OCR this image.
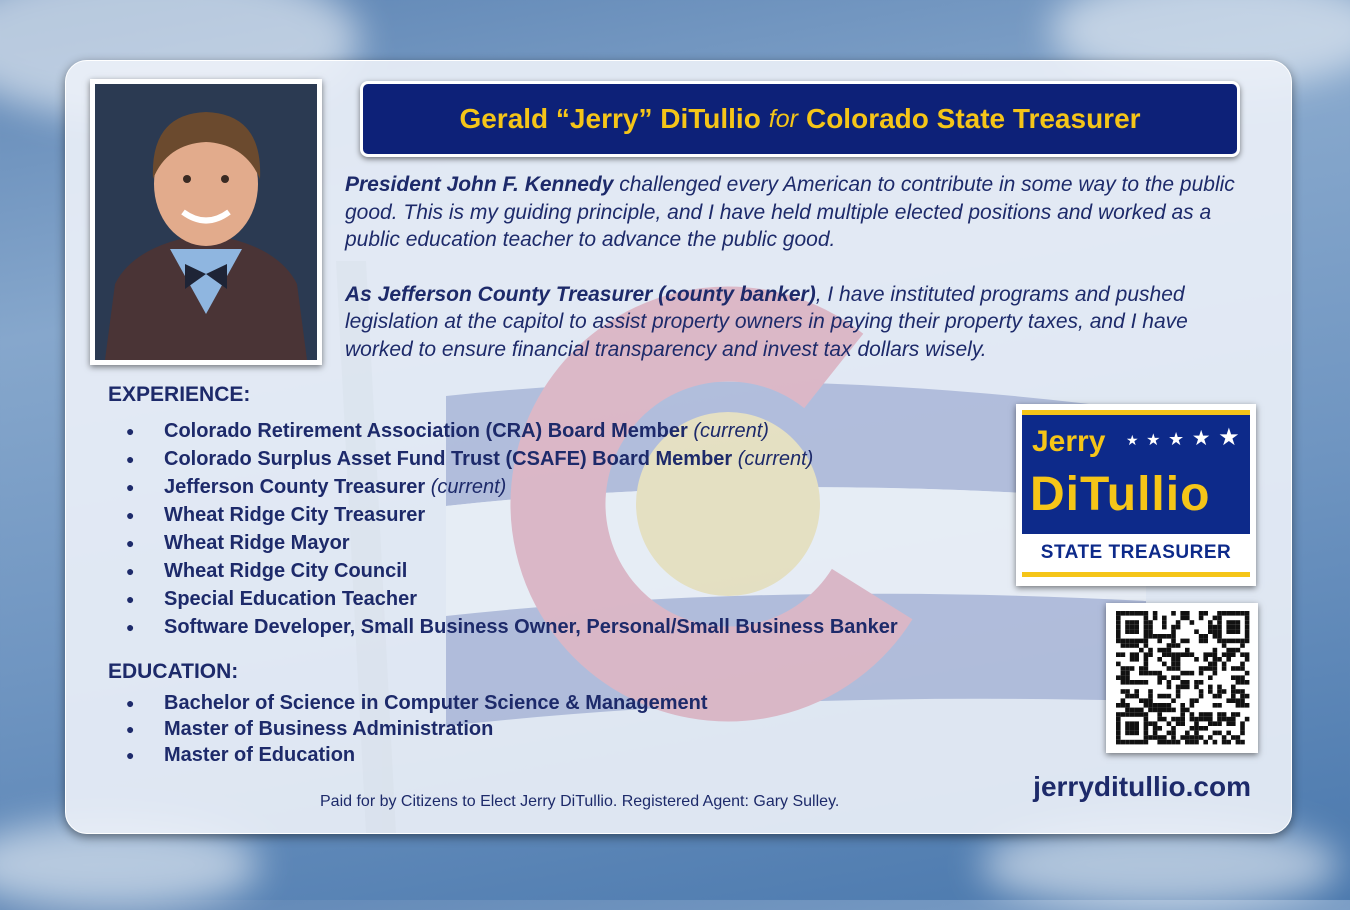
Gerald “Jerry” DiTullio for Colorado State Treasurer

President John F. Kennedy challenged every American to contribute in some way to the public good. This is my guiding principle, and I have held multiple elected positions and worked as a public education teacher to advance the public good.

As Jefferson County Treasurer (county banker), I have instituted programs and pushed legislation at the capitol to assist property owners in paying their property taxes, and I have worked to ensure financial transparency and invest tax dollars wisely.

EXPERIENCE:
● Colorado Retirement Association (CRA) Board Member (current)
● Colorado Surplus Asset Fund Trust (CSAFE) Board Member (current)
● Jefferson County Treasurer (current)
● Wheat Ridge City Treasurer
● Wheat Ridge Mayor
● Wheat Ridge City Council
● Special Education Teacher
● Software Developer, Small Business Owner, Personal/Small Business Banker
EDUCATION:
● Bachelor of Science in Computer Science & Management
● Master of Business Administration
● Master of Education
Jerry ★ ★ ★ ★ ★
DiTullio
STATE TREASURER
jerryditullio.com
Paid for by Citizens to Elect Jerry DiTullio. Registered Agent: Gary Sulley.
